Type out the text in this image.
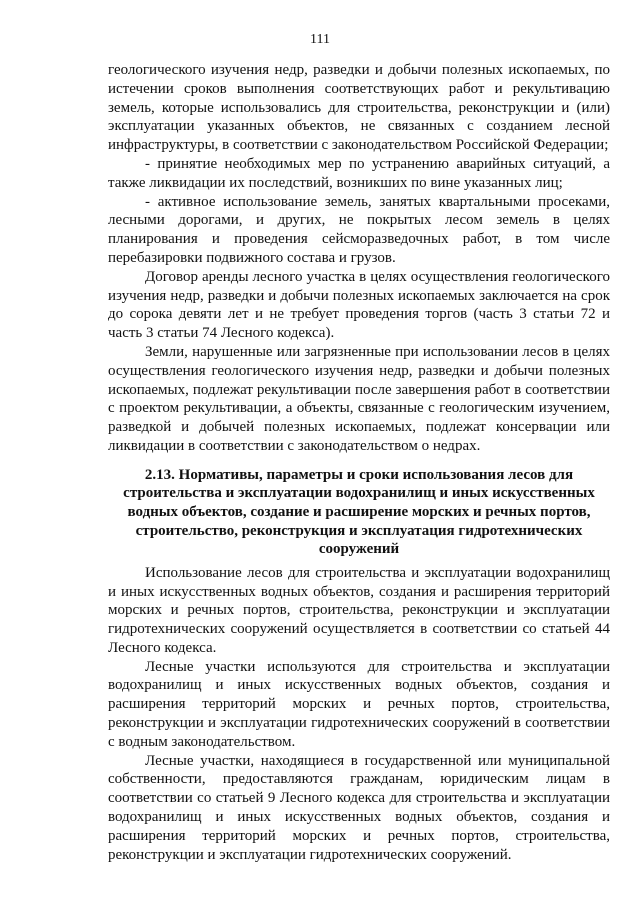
111

геологического изучения недр, разведки и добычи полезных ископаемых, по истечении сроков выполнения соответствующих работ и рекультивацию земель, которые использовались для строительства, реконструкции и (или) эксплуатации указанных объектов, не связанных с созданием лесной инфраструктуры, в соответствии с законодательством Российской Федерации;

- принятие необходимых мер по устранению аварийных ситуаций, а также ликвидации их последствий, возникших по вине указанных лиц;

- активное использование земель, занятых квартальными просеками, лесными дорогами, и других, не покрытых лесом земель в целях планирования и проведения сейсморазведочных работ, в том числе перебазировки подвижного состава и грузов.

Договор аренды лесного участка в целях осуществления геологического изучения недр, разведки и добычи полезных ископаемых заключается на срок до сорока девяти лет и не требует проведения торгов (часть 3 статьи 72 и часть 3 статьи 74 Лесного кодекса).

Земли, нарушенные или загрязненные при использовании лесов в целях осуществления геологического изучения недр, разведки и добычи полезных ископаемых, подлежат рекультивации после завершения работ в соответствии с проектом рекультивации, а объекты, связанные с геологическим изучением, разведкой и добычей полезных ископаемых, подлежат консервации или ликвидации в соответствии с законодательством о недрах.

2.13. Нормативы, параметры и сроки использования лесов для строительства и эксплуатации водохранилищ и иных искусственных водных объектов, создание и расширение морских и речных портов, строительство, реконструкция и эксплуатация гидротехнических сооружений

Использование лесов для строительства и эксплуатации водохранилищ и иных искусственных водных объектов, создания и расширения территорий морских и речных портов, строительства, реконструкции и эксплуатации гидротехнических сооружений осуществляется в соответствии со статьей 44 Лесного кодекса.

Лесные участки используются для строительства и эксплуатации водохранилищ и иных искусственных водных объектов, создания и расширения территорий морских и речных портов, строительства, реконструкции и эксплуатации гидротехнических сооружений в соответствии с водным законодательством.

Лесные участки, находящиеся в государственной или муниципальной собственности, предоставляются гражданам, юридическим лицам в соответствии со статьей 9 Лесного кодекса для строительства и эксплуатации водохранилищ и иных искусственных водных объектов, создания и расширения территорий морских и речных портов, строительства, реконструкции и эксплуатации гидротехнических сооружений.
